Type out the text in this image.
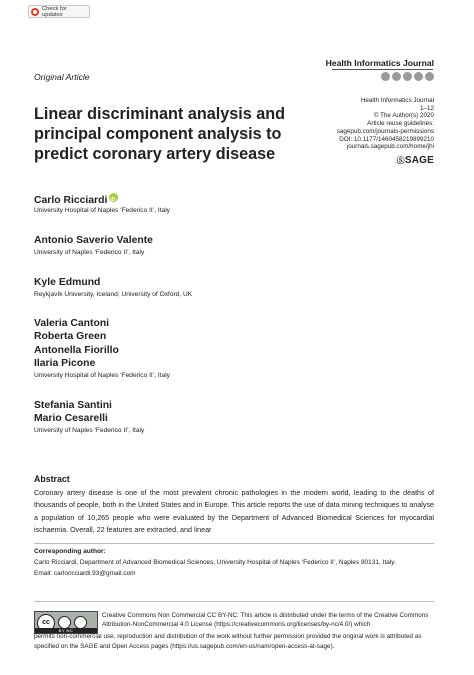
Check for updates
Health Informatics Journal
Original Article
Health Informatics Journal
1–12
© The Author(s) 2020
Article reuse guidelines:
sagepub.com/journals-permissions
DOI: 10.1177/1460458219899210
journals.sagepub.com/home/jhi
ⓈSAGE
Linear discriminant analysis and principal component analysis to predict coronary artery disease
Carlo RicciardiiD
University Hospital of Naples ‘Federico II’, Italy
Antonio Saverio Valente
University of Naples ‘Federico II’, Italy
Kyle Edmund
Reykjavík University, Iceland; University of Oxford, UK
Valeria Cantoni
Roberta Green
Antonella Fiorillo
Ilaria Picone
University Hospital of Naples ‘Federico II’, Italy
Stefania Santini
Mario Cesarelli
University of Naples ‘Federico II’, Italy
Abstract
Coronary artery disease is one of the most prevalent chronic pathologies in the modern world, leading to the deaths of thousands of people, both in the United States and in Europe. This article reports the use of data mining techniques to analyse a population of 10,265 people who were evaluated by the Department of Advanced Biomedical Sciences for myocardial ischaemia. Overall, 22 features are extracted, and linear
Corresponding author:
Carlo Ricciardi, Department of Advanced Biomedical Sciences, University Hospital of Naples ‘Federico II’, Naples 80131, Italy.
Email: carloricciardi.93@gmail.com
cc
BY NC
Creative Commons Non Commercial CC BY-NC: This article is distributed under the terms of the Creative Commons Attribution-NonCommercial 4.0 License (https://creativecommons.org/licenses/by-nc/4.0/) which
permits non-commercial use, reproduction and distribution of the work without further permission provided the original work is attributed as specified on the SAGE and Open Access pages (https://us.sagepub.com/en-us/nam/open-access-at-sage).
